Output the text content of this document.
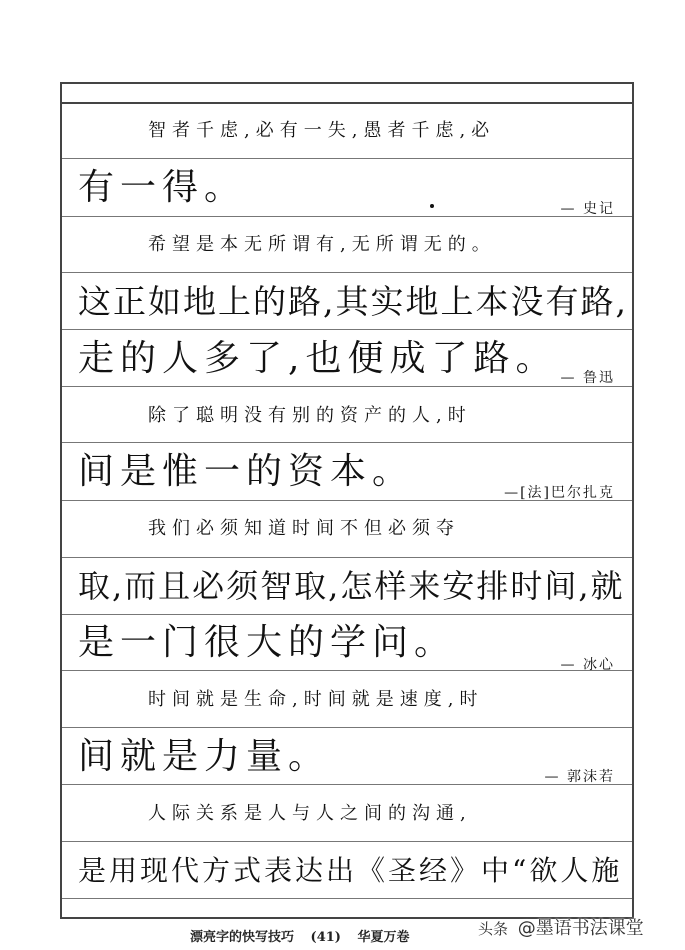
智者千虑,必有一失,愚者千虑,必
有一得。
希望是本无所谓有,无所谓无的。
这正如地上的路,其实地上本没有路,
走的人多了,也便成了路。
除了聪明没有别的资产的人,时
间是惟一的资本。
我们必须知道时间不但必须夺
取,而且必须智取,怎样来安排时间,就
是一门很大的学问。
时间就是生命,时间就是速度,时
间就是力量。
人际关系是人与人之间的沟通,
是用现代方式表达出《圣经》中“欲人施
— 史记
— 鲁迅
—[法]巴尔扎克
— 冰心
— 郭沫若
漂亮字的快写技巧 (41) 华夏万卷	头条 @墨语书法课堂
